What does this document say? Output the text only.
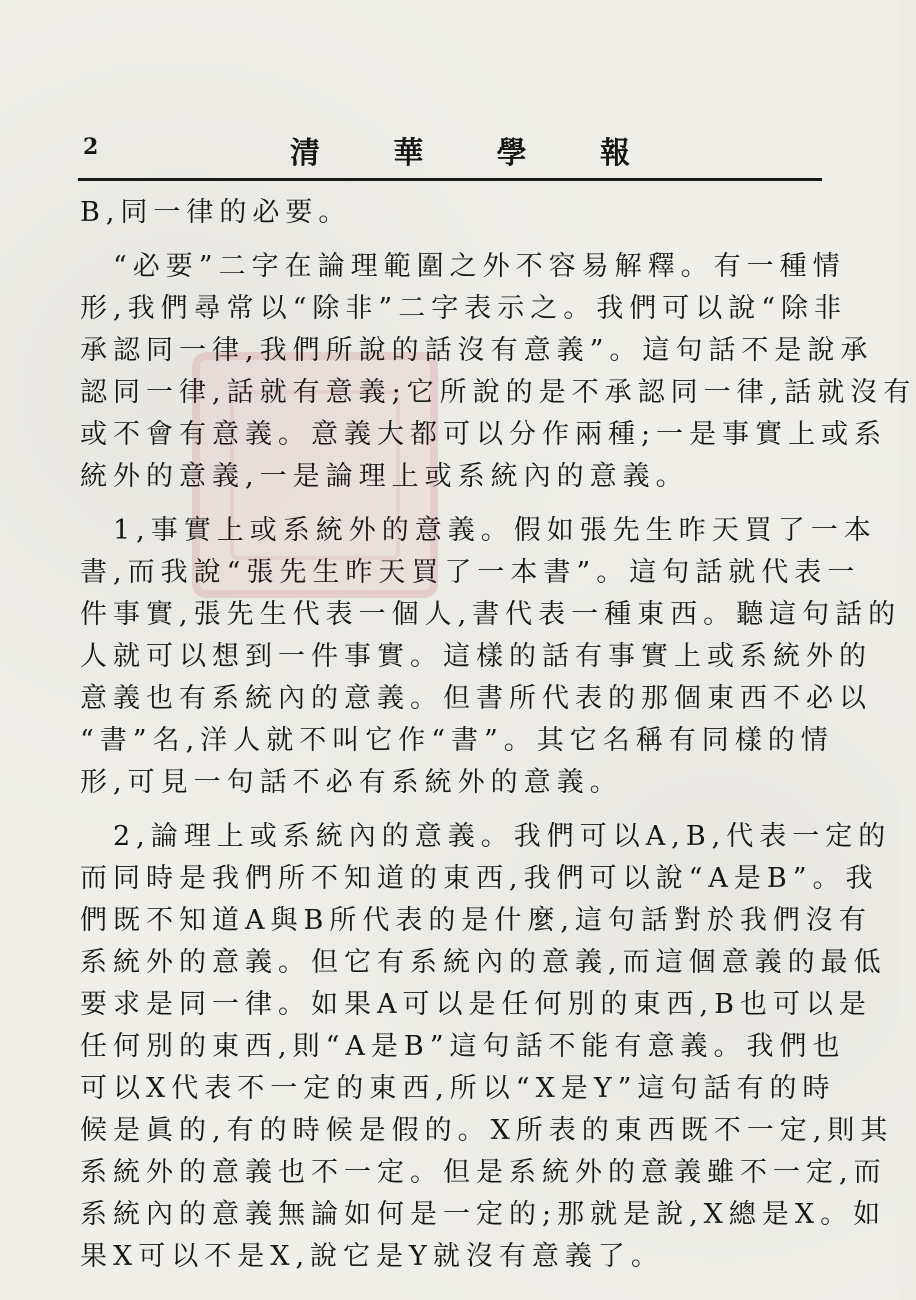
2	清 華 學 報
B,同一律的必要。
　“必要”二字在論理範圍之外不容易解釋。有一種情
形,我們尋常以“除非”二字表示之。我們可以說“除非
承認同一律,我們所說的話沒有意義”。這句話不是說承
認同一律,話就有意義;它所說的是不承認同一律,話就沒有
或不會有意義。意義大都可以分作兩種;一是事實上或系
統外的意義,一是論理上或系統內的意義。
　1,事實上或系統外的意義。假如張先生昨天買了一本
書,而我說“張先生昨天買了一本書”。這句話就代表一
件事實,張先生代表一個人,書代表一種東西。聽這句話的
人就可以想到一件事實。這樣的話有事實上或系統外的
意義也有系統內的意義。但書所代表的那個東西不必以
“書”名,洋人就不叫它作“書”。其它名稱有同樣的情
形,可見一句話不必有系統外的意義。
　2,論理上或系統內的意義。我們可以A,B,代表一定的
而同時是我們所不知道的東西,我們可以說“A是B”。我
們既不知道A與B所代表的是什麼,這句話對於我們沒有
系統外的意義。但它有系統內的意義,而這個意義的最低
要求是同一律。如果A可以是任何別的東西,B也可以是
任何別的東西,則“A是B”這句話不能有意義。我們也
可以X代表不一定的東西,所以“X是Y”這句話有的時
候是眞的,有的時候是假的。X所表的東西既不一定,則其
系統外的意義也不一定。但是系統外的意義雖不一定,而
系統內的意義無論如何是一定的;那就是說,X總是X。如
果X可以不是X,說它是Y就沒有意義了。
